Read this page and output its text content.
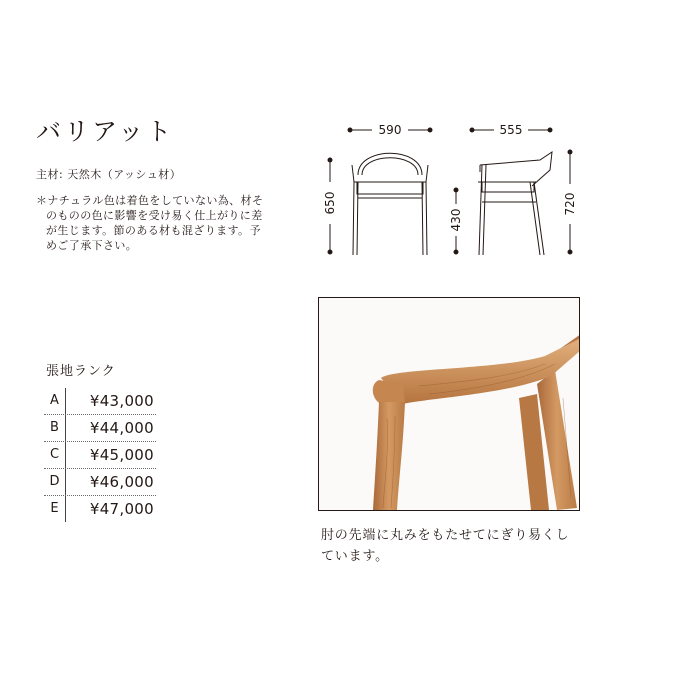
バリアット
主材: 天然木（アッシュ材）
＊ナチュラル色は着色をしていない為、材そのものの色に影響を受け易く仕上がりに差が生じます。節のある材も混ざります。予めご了承下さい。
590	555
650
430
720
張地ランク
A	¥43,000
B	¥44,000
C	¥45,000
D	¥46,000
E	¥47,000
肘の先端に丸みをもたせてにぎり易くしています。
